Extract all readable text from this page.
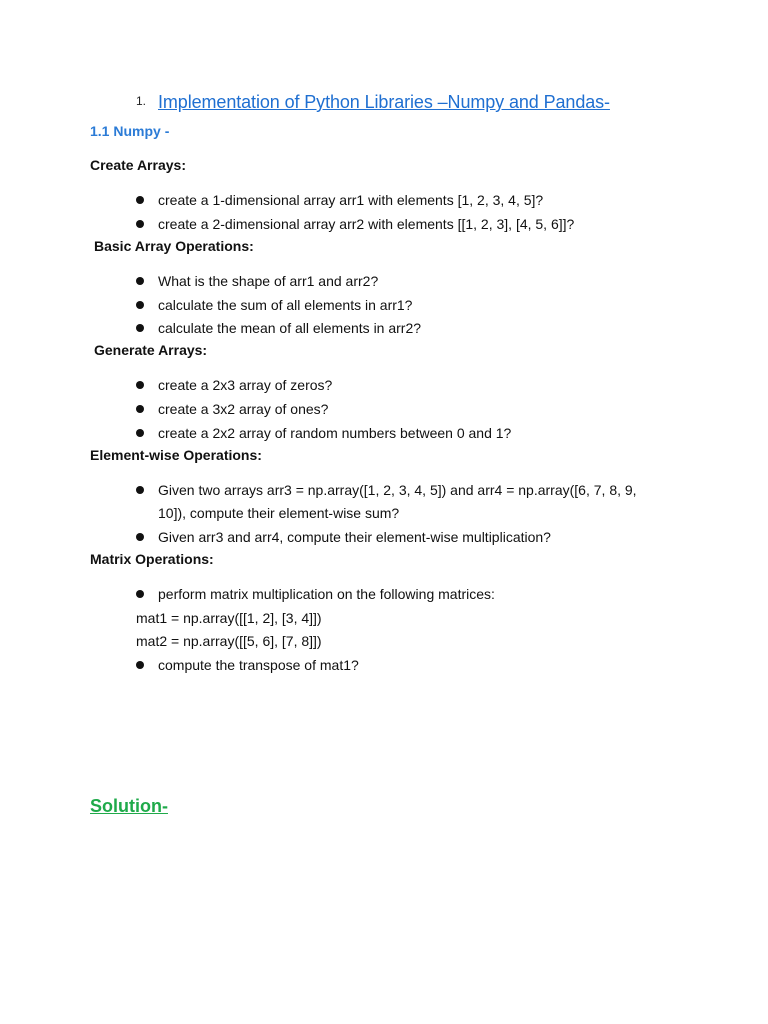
1. Implementation of Python Libraries –Numpy and Pandas-
1.1 Numpy -
Create Arrays:
create a 1-dimensional array arr1 with elements [1, 2, 3, 4, 5]?
create a 2-dimensional array arr2 with elements [[1, 2, 3], [4, 5, 6]]?
Basic Array Operations:
What is the shape of arr1 and arr2?
calculate the sum of all elements in arr1?
calculate the mean of all elements in arr2?
Generate Arrays:
create a 2x3 array of zeros?
create a 3x2 array of ones?
create a 2x2 array of random numbers between 0 and 1?
Element-wise Operations:
Given two arrays arr3 = np.array([1, 2, 3, 4, 5]) and arr4 = np.array([6, 7, 8, 9,
10]), compute their element-wise sum?
Given arr3 and arr4, compute their element-wise multiplication?
Matrix Operations:
perform matrix multiplication on the following matrices:
mat1 = np.array([[1, 2], [3, 4]])
mat2 = np.array([[5, 6], [7, 8]])
compute the transpose of mat1?
Solution-
